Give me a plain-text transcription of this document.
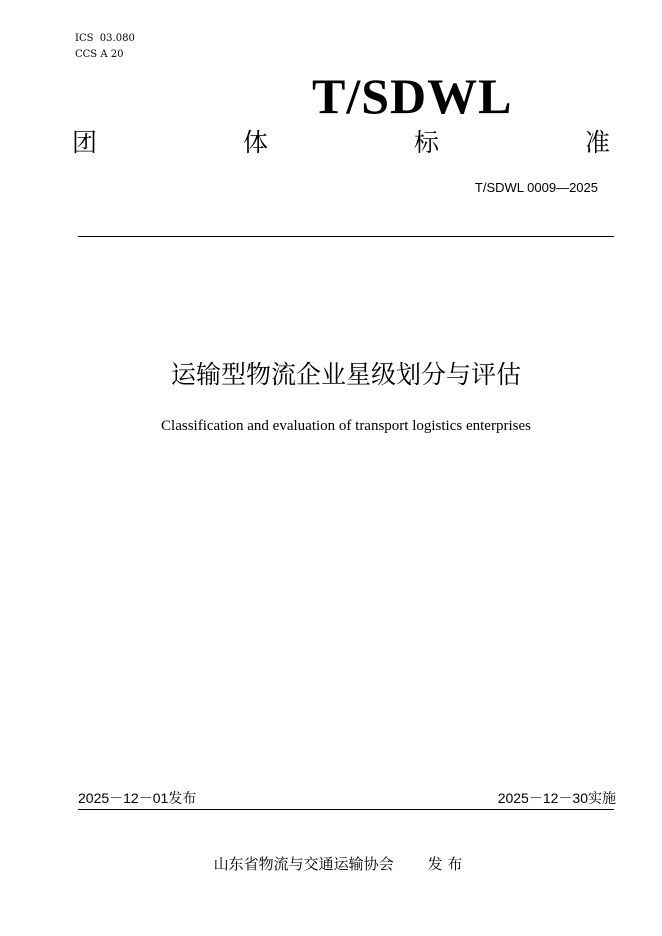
ICS  03.080
CCS A 20
T/SDWL
团	体	标	准
T/SDWL 0009—2025
运输型物流企业星级划分与评估
Classification and evaluation of transport logistics enterprises
2025－12－01发布	2025－12－30实施
山东省物流与交通运输协会 发 布
